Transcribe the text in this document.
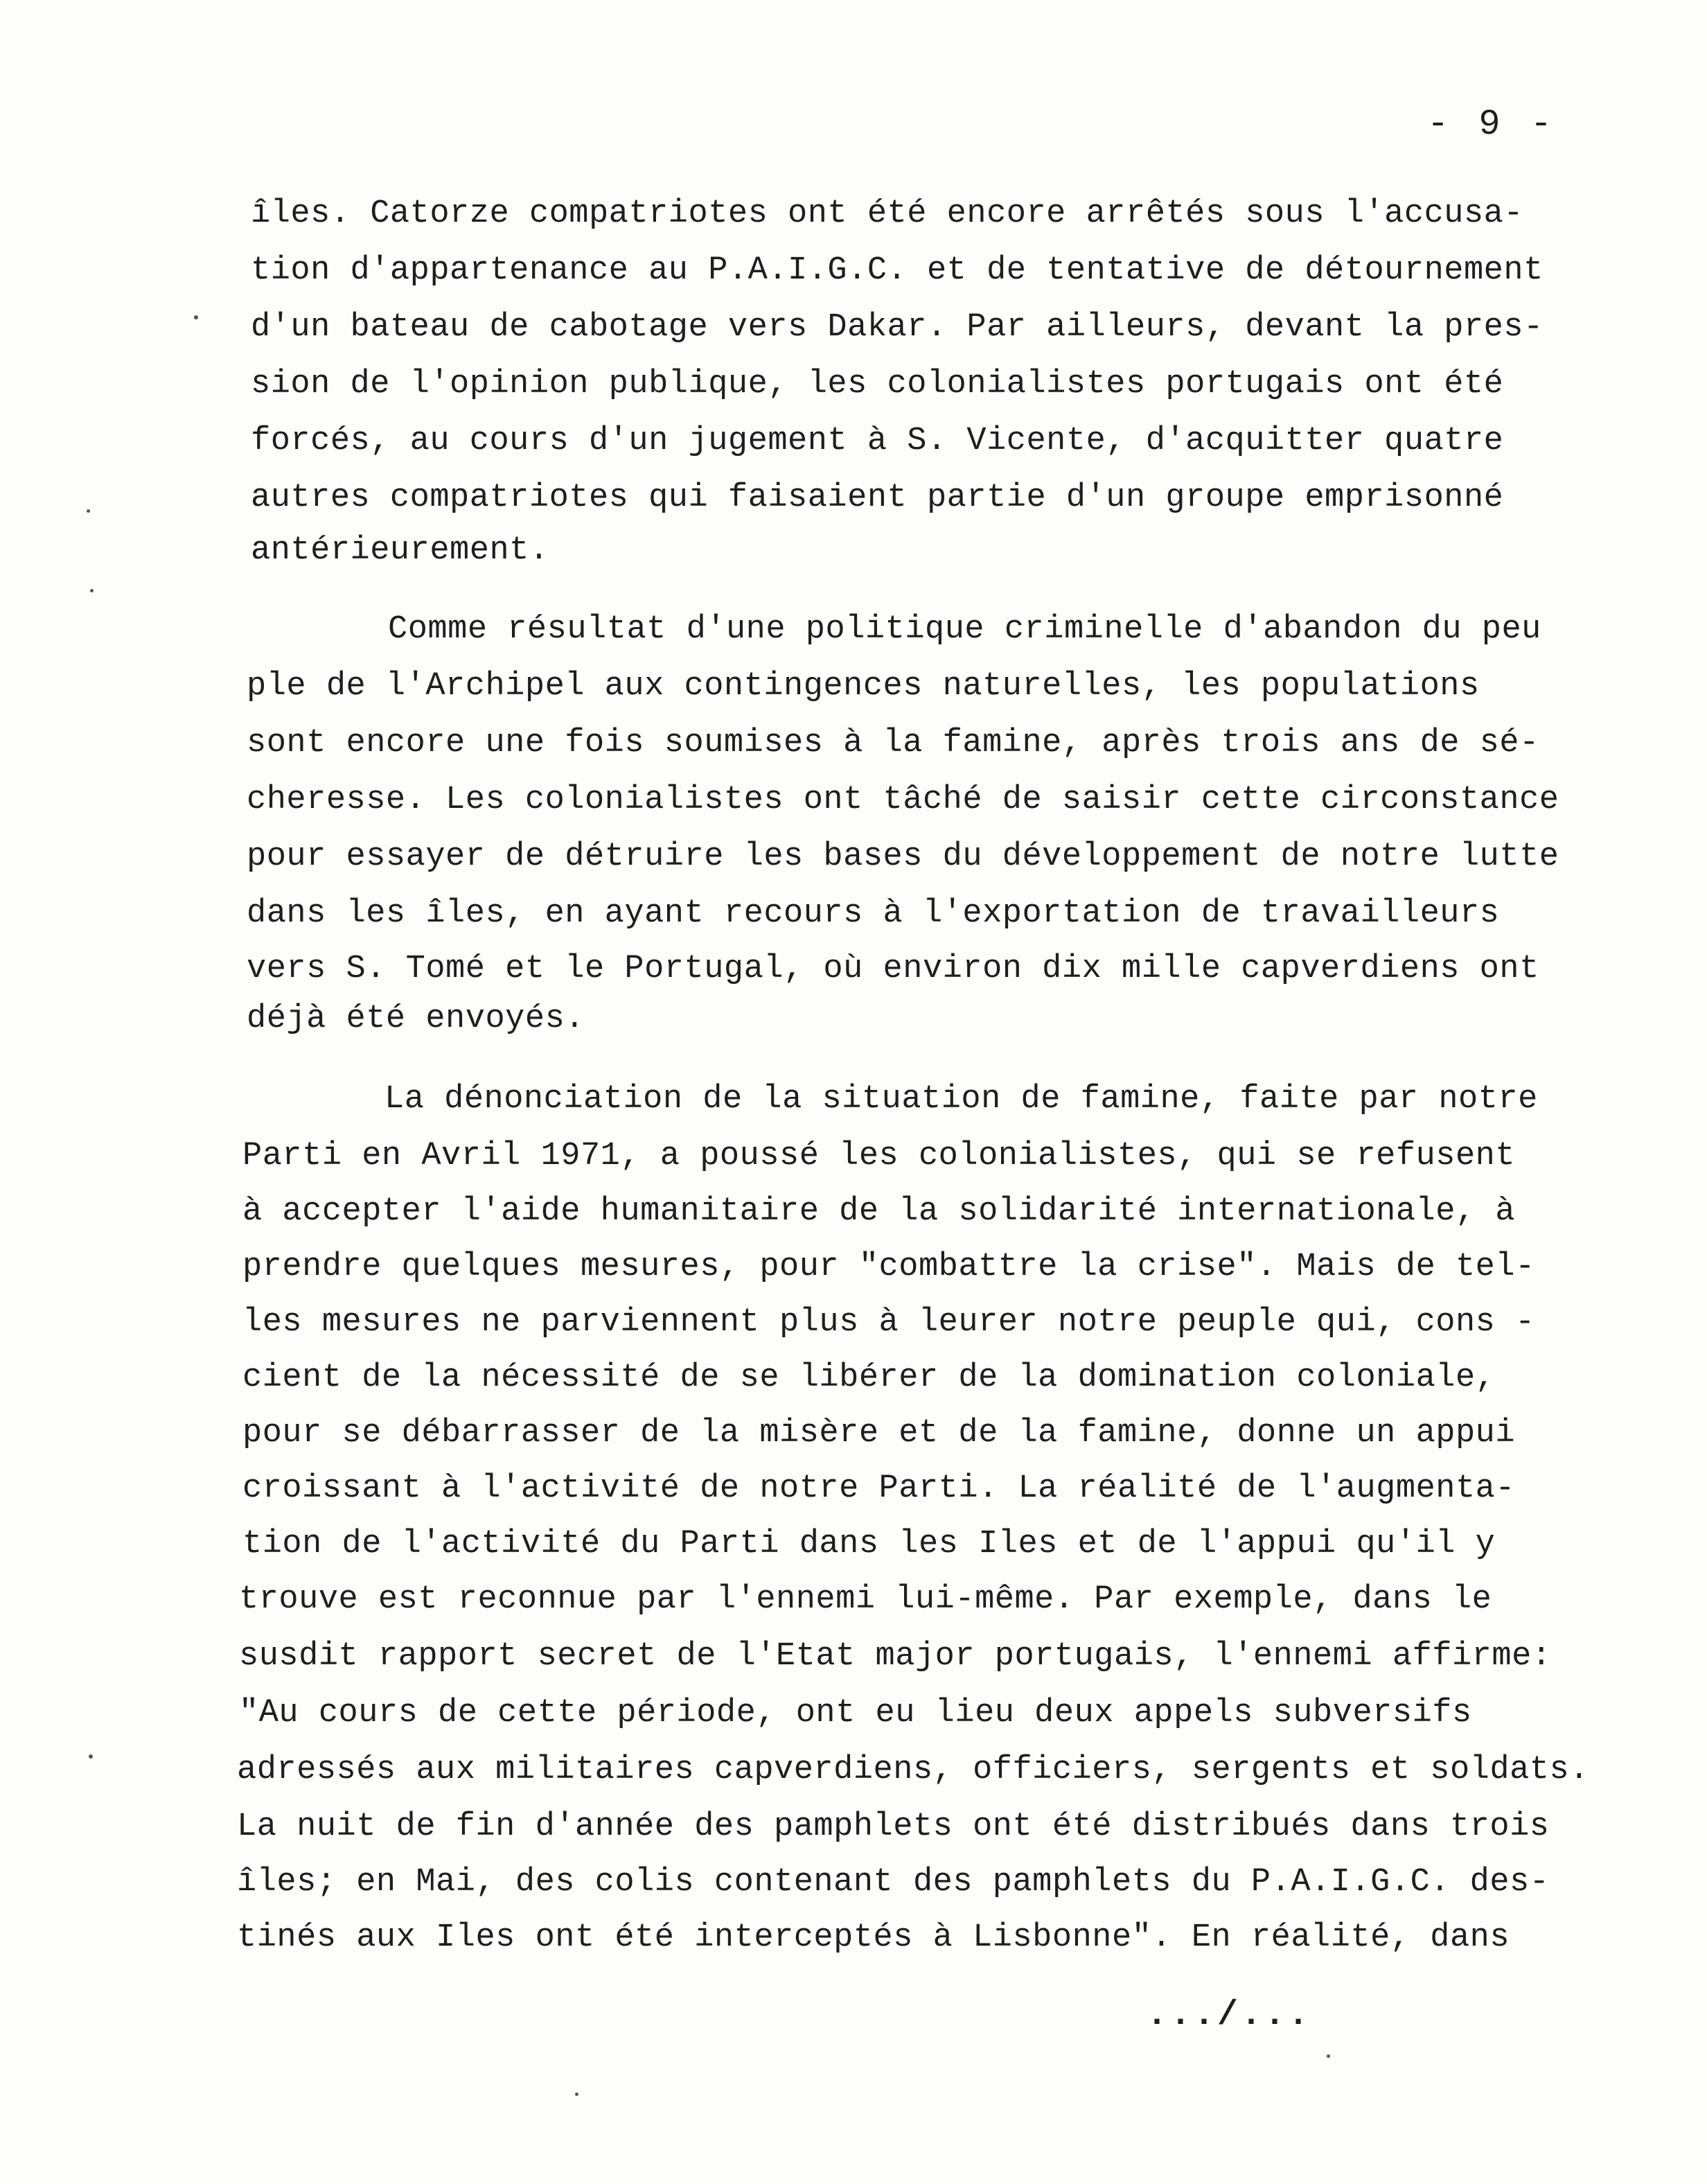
- 9 -
îles. Catorze compatriotes ont été encore arrêtés sous l'accusa-
tion d'appartenance au P.A.I.G.C. et de tentative de détournement
d'un bateau de cabotage vers Dakar. Par ailleurs, devant la pres-
sion de l'opinion publique, les colonialistes portugais ont été
forcés, au cours d'un jugement à S. Vicente, d'acquitter quatre
autres compatriotes qui faisaient partie d'un groupe emprisonné
antérieurement.
Comme résultat d'une politique criminelle d'abandon du peu
ple de l'Archipel aux contingences naturelles, les populations
sont encore une fois soumises à la famine, après trois ans de sé-
cheresse. Les colonialistes ont tâché de saisir cette circonstance
pour essayer de détruire les bases du développement de notre lutte
dans les îles, en ayant recours à l'exportation de travailleurs
vers S. Tomé et le Portugal, où environ dix mille capverdiens ont
déjà été envoyés.
La dénonciation de la situation de famine, faite par notre
Parti en Avril 1971, a poussé les colonialistes, qui se refusent
à accepter l'aide humanitaire de la solidarité internationale, à
prendre quelques mesures, pour "combattre la crise". Mais de tel-
les mesures ne parviennent plus à leurer notre peuple qui, cons -
cient de la nécessité de se libérer de la domination coloniale,
pour se débarrasser de la misère et de la famine, donne un appui
croissant à l'activité de notre Parti. La réalité de l'augmenta-
tion de l'activité du Parti dans les Iles et de l'appui qu'il y
trouve est reconnue par l'ennemi lui-même. Par exemple, dans le
susdit rapport secret de l'Etat major portugais, l'ennemi affirme:
"Au cours de cette période, ont eu lieu deux appels subversifs
adressés aux militaires capverdiens, officiers, sergents et soldats.
La nuit de fin d'année des pamphlets ont été distribués dans trois
îles; en Mai, des colis contenant des pamphlets du P.A.I.G.C. des-
tinés aux Iles ont été interceptés à Lisbonne". En réalité, dans
.../...
